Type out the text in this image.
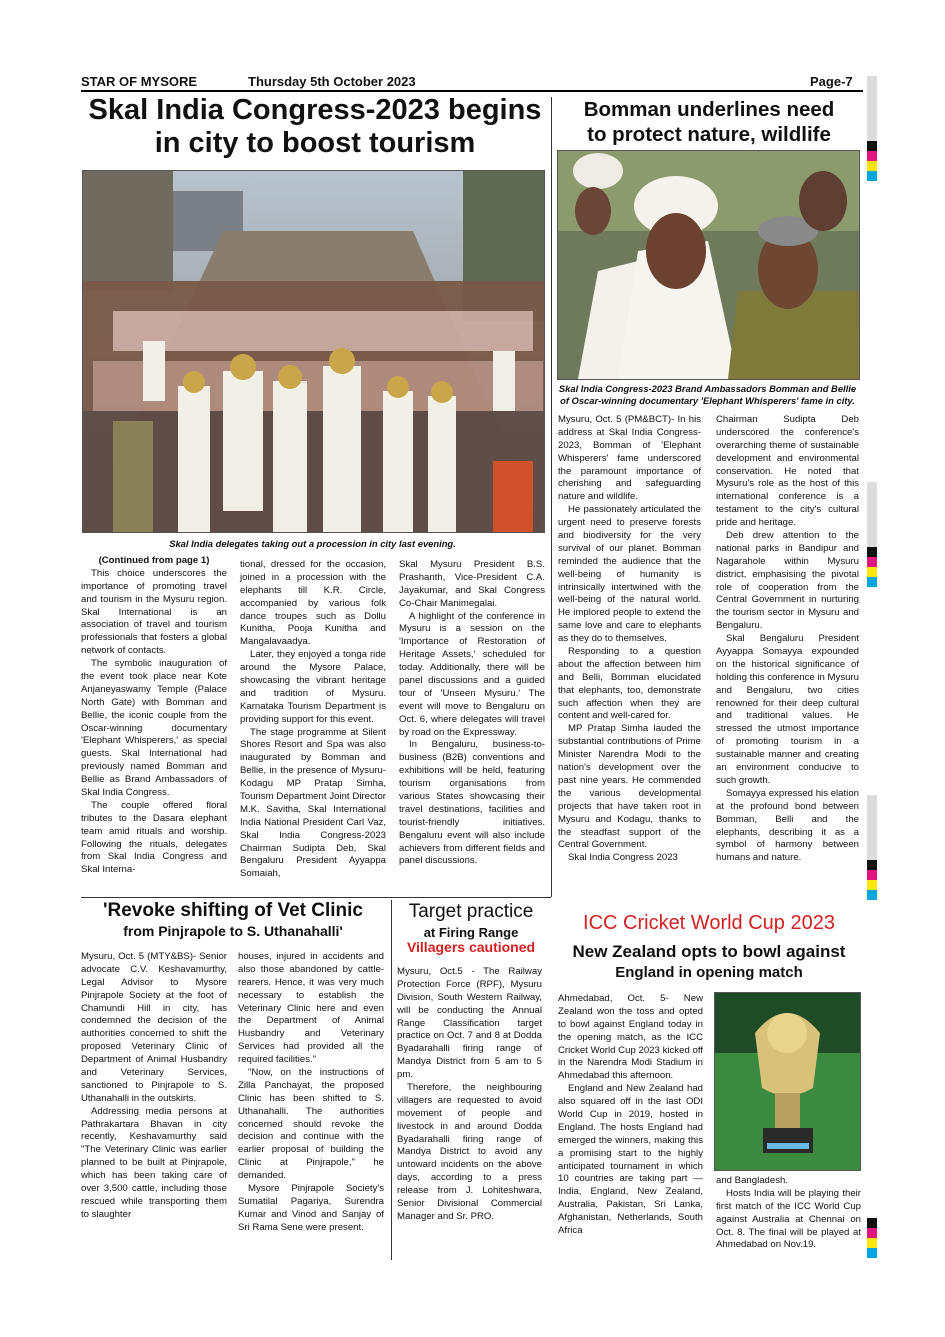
STAR OF MYSORE	Thursday 5th October 2023	Page-7
Skal India Congress-2023 begins
in city to boost tourism
Skal India delegates taking out a procession in city last evening.

(Continued from page 1)

This choice underscores the importance of promoting travel and tourism in the Mysuru region. Skal International is an association of travel and tourism professionals that fosters a global network of contacts.

The symbolic inauguration of the event took place near Kote Anjaneyaswamy Temple (Palace North Gate) with Bomman and Bellie, the iconic couple from the Oscar-winning documentary 'Elephant Whisperers,' as special guests. Skal International had previously named Bomman and Bellie as Brand Ambassadors of Skal India Congress.

The couple offered floral tributes to the Dasara elephant team amid rituals and worship. Following the rituals, delegates from Skal India Congress and Skal Interna-

tional, dressed for the occasion, joined in a procession with the elephants till K.R. Circle, accompanied by various folk dance troupes such as Dollu Kunitha, Pooja Kunitha and Mangalavaadya.

Later, they enjoyed a tonga ride around the Mysore Palace, showcasing the vibrant heritage and tradition of Mysuru. Karnataka Tourism Department is providing support for this event.

The stage programme at Silent Shores Resort and Spa was also inaugurated by Bomman and Bellie, in the presence of Mysuru-Kodagu MP Pratap Simha, Tourism Department Joint Director M.K. Savitha, Skal International India National President Carl Vaz, Skal India Congress-2023 Chairman Sudipta Deb, Skal Bengaluru President Ayyappa Somaiah,

Skal Mysuru President B.S. Prashanth, Vice-President C.A. Jayakumar, and Skal Congress Co-Chair Manimegalai.

A highlight of the conference in Mysuru is a session on the 'Importance of Restoration of Heritage Assets,' scheduled for today. Additionally, there will be panel discussions and a guided tour of 'Unseen Mysuru.' The event will move to Bengaluru on Oct. 6, where delegates will travel by road on the Expressway.

In Bengaluru, business-to-business (B2B) conventions and exhibitions will be held, featuring tourism organisations from various States showcasing their travel destinations, facilities and tourist-friendly initiatives. Bengaluru event will also include achievers from different fields and panel discussions.

Bomman underlines need
to protect nature, wildlife
Skal India Congress-2023 Brand Ambassadors Bomman and Bellie of Oscar-winning documentary 'Elephant Whisperers' fame in city.

Mysuru, Oct. 5 (PM&BCT)- In his address at Skal India Congress-2023, Bomman of 'Elephant Whisperers' fame underscored the paramount importance of cherishing and safeguarding nature and wildlife.

He passionately articulated the urgent need to preserve forests and biodiversity for the very survival of our planet. Bomman reminded the audience that the well-being of humanity is intrinsically intertwined with the well-being of the natural world. He implored people to extend the same love and care to elephants as they do to themselves.

Responding to a question about the affection between him and Belli, Bomman elucidated that elephants, too, demonstrate such affection when they are content and well-cared for.

MP Pratap Simha lauded the substantial contributions of Prime Minister Narendra Modi to the nation's development over the past nine years. He commended the various developmental projects that have taken root in Mysuru and Kodagu, thanks to the steadfast support of the Central Government.

Skal India Congress 2023

Chairman Sudipta Deb underscored the conference's overarching theme of sustainable development and environmental conservation. He noted that Mysuru's role as the host of this international conference is a testament to the city's cultural pride and heritage.

Deb drew attention to the national parks in Bandipur and Nagarahole within Mysuru district, emphasising the pivotal role of cooperation from the Central Government in nurturing the tourism sector in Mysuru and Bengaluru.

Skal Bengaluru President Ayyappa Somayya expounded on the historical significance of holding this conference in Mysuru and Bengaluru, two cities renowned for their deep cultural and traditional values. He stressed the utmost importance of promoting tourism in a sustainable manner and creating an environment conducive to such growth.

Somayya expressed his elation at the profound bond between Bomman, Belli and the elephants, describing it as a symbol of harmony between humans and nature.

'Revoke shifting of Vet Clinic
from Pinjrapole to S. Uthanahalli'

Mysuru, Oct. 5 (MTY&BS)- Senior advocate C.V. Keshavamurthy, Legal Advisor to Mysore Pinjrapole Society at the foot of Chamundi Hill in city, has condemned the decision of the authorities concerned to shift the proposed Veterinary Clinic of Department of Animal Husbandry and Veterinary Services, sanctioned to Pinjrapole to S. Uthanahalli in the outskirts.

Addressing media persons at Pathrakartara Bhavan in city recently, Keshavamurthy said "The Veterinary Clinic was earlier planned to be built at Pinjrapole, which has been taking care of over 3,500 cattle, including those rescued while transporting them to slaughter

houses, injured in accidents and also those abandoned by cattle-rearers. Hence, it was very much necessary to establish the Veterinary Clinic here and even the Department of Animal Husbandry and Veterinary Services had provided all the required facilities."

"Now, on the instructions of Zilla Panchayat, the proposed Clinic has been shifted to S. Uthanahalli. The authorities concerned should revoke the decision and continue with the earlier proposal of building the Clinic at Pinjrapole," he demanded.

Mysore Pinjrapole Society's Sumatilal Pagariya, Surendra Kumar and Vinod and Sanjay of Sri Rama Sene were present.

Target practice
at Firing Range
Villagers cautioned

Mysuru, Oct.5 - The Railway Protection Force (RPF), Mysuru Division, South Western Railway, will be conducting the Annual Range Classification target practice on Oct. 7 and 8 at Dodda Byadarahalli firing range of Mandya District from 5 am to 5 pm.

Therefore, the neighbouring villagers are requested to avoid movement of people and livestock in and around Dodda Byadarahalli firing range of Mandya District to avoid any untoward incidents on the above days, according to a press release from J. Lohiteshwara, Senior Divisional Commercial Manager and Sr. PRO.

ICC Cricket World Cup 2023
New Zealand opts to bowl against
England in opening match

Ahmedabad, Oct. 5- New Zealand won the toss and opted to bowl against England today in the opening match, as the ICC Cricket World Cup 2023 kicked off in the Narendra Modi Stadium in Ahmedabad this afternoon.

England and New Zealand had also squared off in the last ODI World Cup in 2019, hosted in England. The hosts England had emerged the winners, making this a promising start to the highly anticipated tournament in which 10 countries are taking part — India, England, New Zealand, Australia, Pakistan, Sri Lanka, Afghanistan, Netherlands, South Africa

and Bangladesh.

Hosts India will be playing their first match of the ICC World Cup against Australia at Chennai on Oct. 8. The final will be played at Ahmedabad on Nov.19.
